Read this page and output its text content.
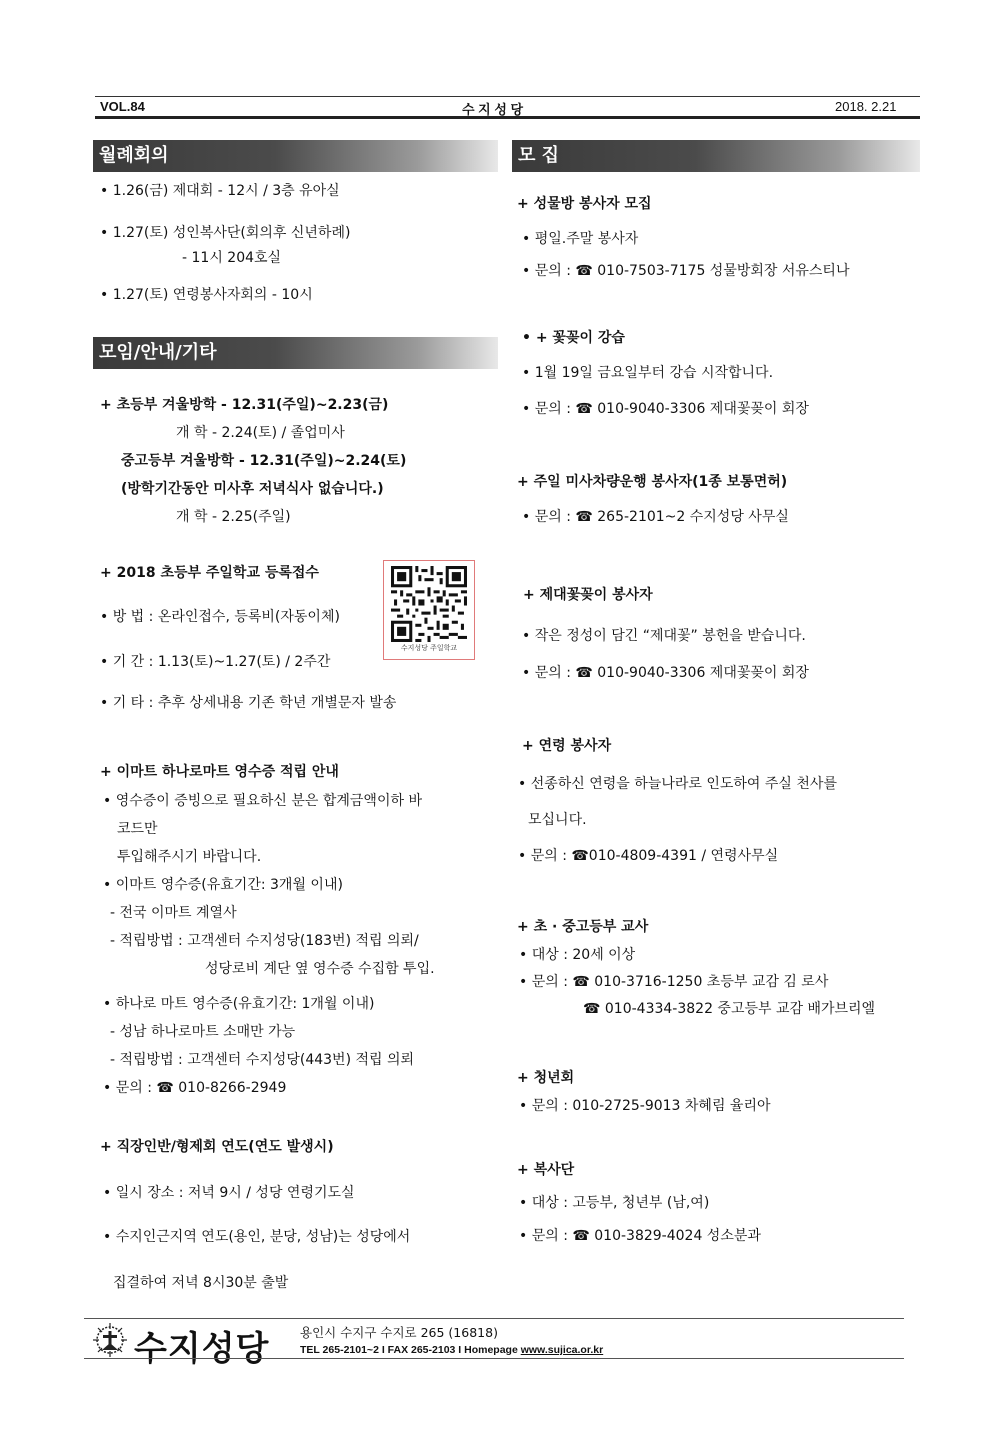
VOL.84	수 지 성 당	2018. 2.21
월례회의
• 1.26(금) 제대회 - 12시 / 3층 유아실
• 1.27(토) 성인복사단(회의후 신년하례)
- 11시 204호실
• 1.27(토) 연령봉사자회의 - 10시
모임/안내/기타
+ 초등부 겨울방학 - 12.31(주일)~2.23(금)
개 학 - 2.24(토) / 졸업미사
중고등부 겨울방학 - 12.31(주일)~2.24(토)
(방학기간동안 미사후 저녁식사 없습니다.)
개 학 - 2.25(주일)
+ 2018 초등부 주일학교 등록접수
• 방 법 : 온라인접수, 등록비(자동이체)
• 기 간 : 1.13(토)~1.27(토) / 2주간
• 기 타 : 추후 상세내용 기존 학년 개별문자 발송
수지성당 주일학교
+ 이마트 하나로마트 영수증 적립 안내
• 영수증이 증빙으로 필요하신 분은 합계금액이하 바
코드만
투입해주시기 바랍니다.
• 이마트 영수증(유효기간: 3개월 이내)
- 전국 이마트 계열사
- 적립방법 : 고객센터 수지성당(183번) 적립 의뢰/
성당로비 계단 옆 영수증 수집함 투입.
• 하나로 마트 영수증(유효기간: 1개월 이내)
- 성남 하나로마트 소매만 가능
- 적립방법 : 고객센터 수지성당(443번) 적립 의뢰
• 문의 : ☎ 010-8266-2949
+ 직장인반/형제회 연도(연도 발생시)
• 일시 장소 : 저녁 9시 / 성당 연령기도실
• 수지인근지역 연도(용인, 분당, 성남)는 성당에서
집결하여 저녁 8시30분 출발
모 집
+ 성물방 봉사자 모집
• 평일.주말 봉사자
• 문의 : ☎ 010-7503-7175 성물방회장 서유스티나
• + 꽃꽂이 강습
• 1월 19일 금요일부터 강습 시작합니다.
• 문의 : ☎ 010-9040-3306 제대꽃꽂이 회장
+ 주일 미사차량운행 봉사자(1종 보통면허)
• 문의 : ☎ 265-2101~2 수지성당 사무실
+ 제대꽃꽂이 봉사자
• 작은 정성이 담긴 “제대꽃” 봉헌을 받습니다.
• 문의 : ☎ 010-9040-3306 제대꽃꽂이 회장
+ 연령 봉사자
• 선종하신 연령을 하늘나라로 인도하여 주실 천사를
모십니다.
• 문의 : ☎010-4809-4391 / 연령사무실
+ 초 · 중고등부 교사
• 대상 : 20세 이상
• 문의 : ☎ 010-3716-1250 초등부 교감 김 로사
☎ 010-4334-3822 중고등부 교감 배가브리엘
+ 청년회
• 문의 : 010-2725-9013 차혜림 율리아
+ 복사단
• 대상 : 고등부, 청년부 (남,여)
• 문의 : ☎ 010-3829-4024 성소분과
수지성당 용인시 수지구 수지로 265 (16818)
TEL 265-2101~2 I FAX 265-2103 I Homepage www.sujica.or.kr
